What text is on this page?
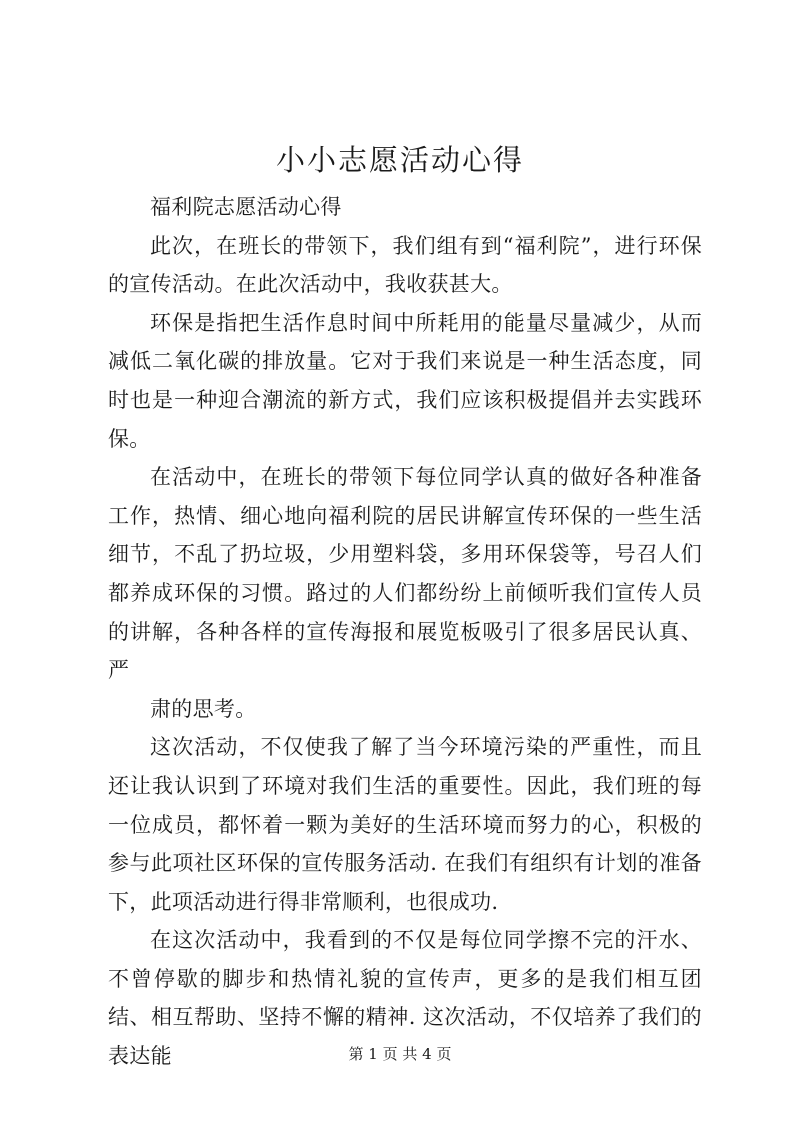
小小志愿活动心得

福利院志愿活动心得

此次，在班长的带领下，我们组有到“福利院”，进行环保的宣传活动。在此次活动中，我收获甚大。

环保是指把生活作息时间中所耗用的能量尽量减少，从而减低二氧化碳的排放量。它对于我们来说是一种生活态度，同时也是一种迎合潮流的新方式，我们应该积极提倡并去实践环保。

在活动中，在班长的带领下每位同学认真的做好各种准备工作，热情、细心地向福利院的居民讲解宣传环保的一些生活细节，不乱了扔垃圾，少用塑料袋，多用环保袋等，号召人们都养成环保的习惯。路过的人们都纷纷上前倾听我们宣传人员的讲解，各种各样的宣传海报和展览板吸引了很多居民认真、严

肃的思考。

这次活动，不仅使我了解了当今环境污染的严重性，而且还让我认识到了环境对我们生活的重要性。因此，我们班的每一位成员，都怀着一颗为美好的生活环境而努力的心，积极的参与此项社区环保的宣传服务活动. 在我们有组织有计划的准备下，此项活动进行得非常顺利，也很成功.

在这次活动中，我看到的不仅是每位同学擦不完的汗水、不曾停歇的脚步和热情礼貌的宣传声，更多的是我们相互团结、相互帮助、坚持不懈的精神. 这次活动，不仅培养了我们的表达能	第 1 页 共 4 页
